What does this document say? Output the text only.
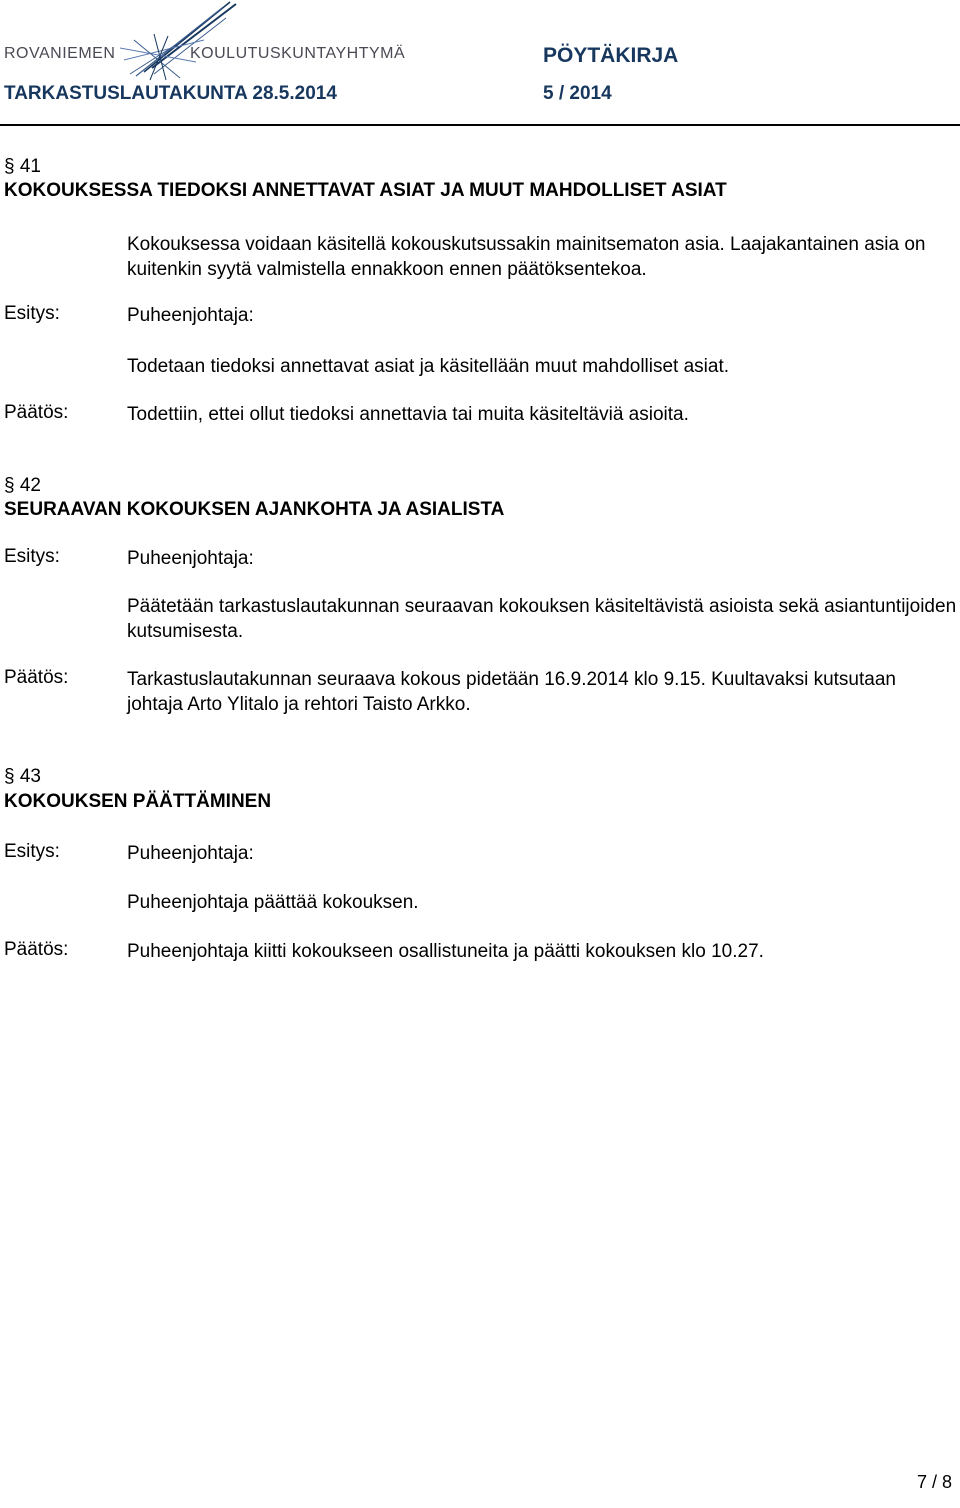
ROVANIEMEN	KOULUTUSKUNTAYHTYMÄ	PÖYTÄKIRJA
TARKASTUSLAUTAKUNTA 28.5.2014	5 / 2014
§ 41
KOKOUKSESSA TIEDOKSI ANNETTAVAT ASIAT JA MUUT MAHDOLLISET ASIAT
Kokouksessa voidaan käsitellä kokouskutsussakin mainitsematon asia. Laajakantainen asia on kuitenkin syytä valmistella ennakkoon ennen päätöksentekoa.
Esitys:	Puheenjohtaja:
Todetaan tiedoksi annettavat asiat ja käsitellään muut mahdolliset asiat.
Päätös:	Todettiin, ettei ollut tiedoksi annettavia tai muita käsiteltäviä asioita.
§ 42
SEURAAVAN KOKOUKSEN AJANKOHTA JA ASIALISTA
Esitys:	Puheenjohtaja:
Päätetään tarkastuslautakunnan seuraavan kokouksen käsiteltävistä asioista sekä asiantuntijoiden kutsumisesta.
Päätös:	Tarkastuslautakunnan seuraava kokous pidetään 16.9.2014 klo 9.15. Kuultavaksi kutsutaan johtaja Arto Ylitalo ja rehtori Taisto Arkko.
§ 43
KOKOUKSEN PÄÄTTÄMINEN
Esitys:	Puheenjohtaja:
Puheenjohtaja päättää kokouksen.
Päätös:	Puheenjohtaja kiitti kokoukseen osallistuneita ja päätti kokouksen klo 10.27.
7 / 8
